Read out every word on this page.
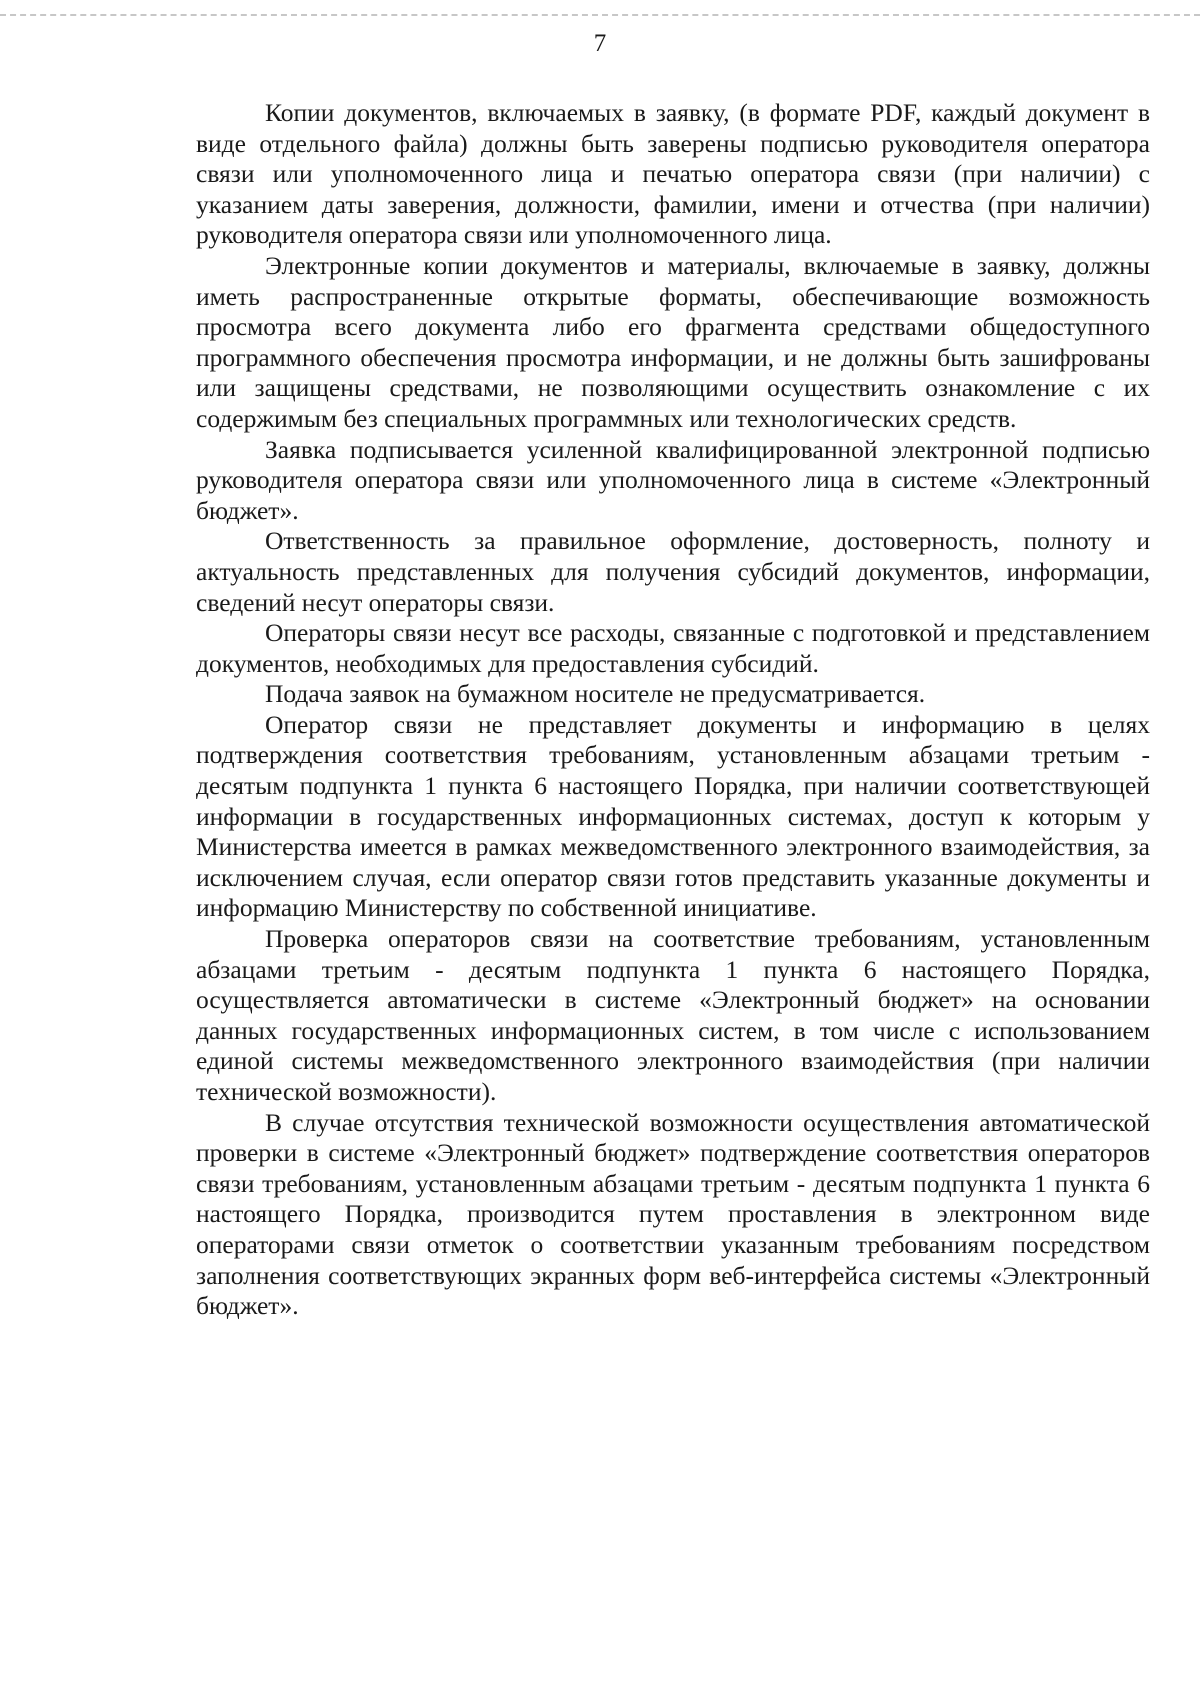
7

Копии документов, включаемых в заявку, (в формате PDF, каждый документ в виде отдельного файла) должны быть заверены подписью руководителя оператора связи или уполномоченного лица и печатью оператора связи (при наличии) с указанием даты заверения, должности, фамилии, имени и отчества (при наличии) руководителя оператора связи или уполномоченного лица.

Электронные копии документов и материалы, включаемые в заявку, должны иметь распространенные открытые форматы, обеспечивающие возможность просмотра всего документа либо его фрагмента средствами общедоступного программного обеспечения просмотра информации, и не должны быть зашифрованы или защищены средствами, не позволяющими осуществить ознакомление с их содержимым без специальных программных или технологических средств.

Заявка подписывается усиленной квалифицированной электронной подписью руководителя оператора связи или уполномоченного лица в системе «Электронный бюджет».

Ответственность за правильное оформление, достоверность, полноту и актуальность представленных для получения субсидий документов, информации, сведений несут операторы связи.

Операторы связи несут все расходы, связанные с подготовкой и представлением документов, необходимых для предоставления субсидий.

Подача заявок на бумажном носителе не предусматривается.

Оператор связи не представляет документы и информацию в целях подтверждения соответствия требованиям, установленным абзацами третьим - десятым подпункта 1 пункта 6 настоящего Порядка, при наличии соответствующей информации в государственных информационных системах, доступ к которым у Министерства имеется в рамках межведомственного электронного взаимодействия, за исключением случая, если оператор связи готов представить указанные документы и информацию Министерству по собственной инициативе.

Проверка операторов связи на соответствие требованиям, установленным абзацами третьим - десятым подпункта 1 пункта 6 настоящего Порядка, осуществляется автоматически в системе «Электронный бюджет» на основании данных государственных информационных систем, в том числе с использованием единой системы межведомственного электронного взаимодействия (при наличии технической возможности).

В случае отсутствия технической возможности осуществления автоматической проверки в системе «Электронный бюджет» подтверждение соответствия операторов связи требованиям, установленным абзацами третьим - десятым подпункта 1 пункта 6 настоящего Порядка, производится путем проставления в электронном виде операторами связи отметок о соответствии указанным требованиям посредством заполнения соответствующих экранных форм веб-интерфейса системы «Электронный бюджет».
